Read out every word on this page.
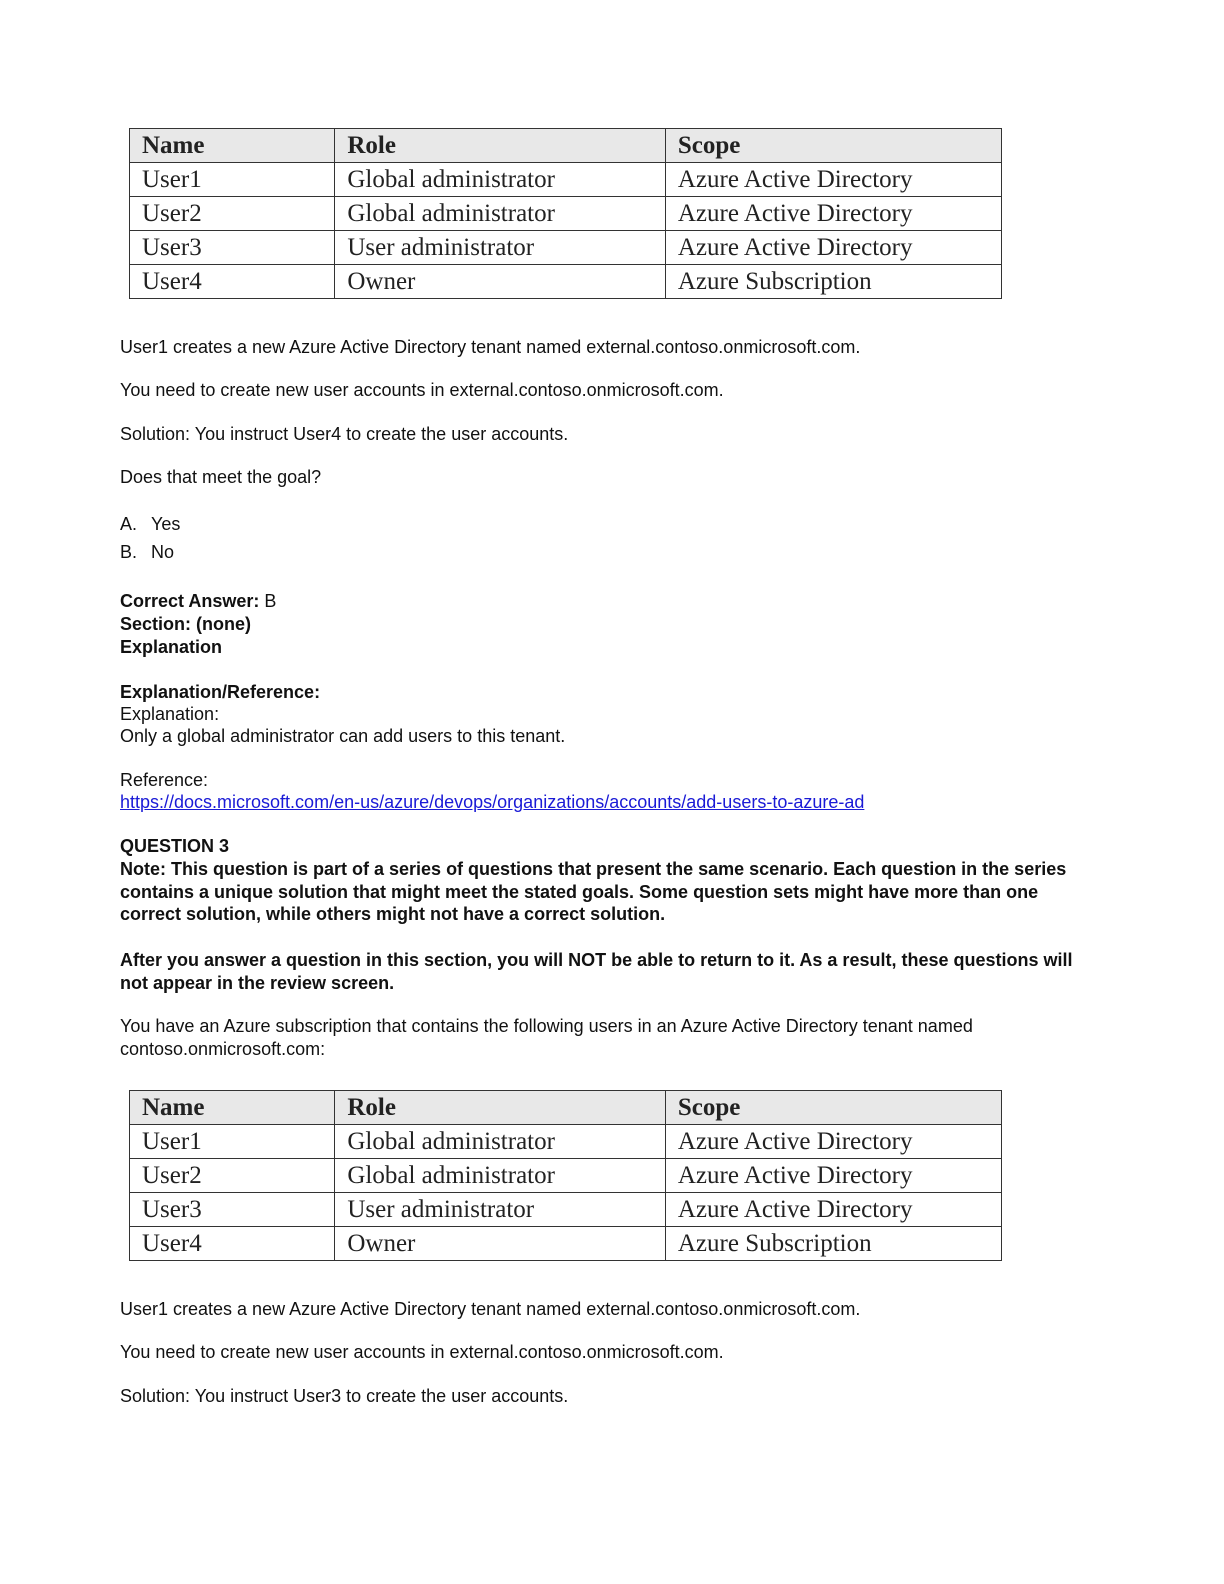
Name	Role	Scope
User1	Global administrator	Azure Active Directory
User2	Global administrator	Azure Active Directory
User3	User administrator	Azure Active Directory
User4	Owner	Azure Subscription

User1 creates a new Azure Active Directory tenant named external.contoso.onmicrosoft.com.

You need to create new user accounts in external.contoso.onmicrosoft.com.

Solution: You instruct User4 to create the user accounts.

Does that meet the goal?

A. Yes

B. No

Correct Answer: B

Section: (none)

Explanation

Explanation/Reference:

Explanation:

Only a global administrator can add users to this tenant.

Reference:

https://docs.microsoft.com/en-us/azure/devops/organizations/accounts/add-users-to-azure-ad

QUESTION 3

Note: This question is part of a series of questions that present the same scenario. Each question in the series contains a unique solution that might meet the stated goals. Some question sets might have more than one correct solution, while others might not have a correct solution.

After you answer a question in this section, you will NOT be able to return to it. As a result, these questions will not appear in the review screen.

You have an Azure subscription that contains the following users in an Azure Active Directory tenant named contoso.onmicrosoft.com:

Name	Role	Scope
User1	Global administrator	Azure Active Directory
User2	Global administrator	Azure Active Directory
User3	User administrator	Azure Active Directory
User4	Owner	Azure Subscription

User1 creates a new Azure Active Directory tenant named external.contoso.onmicrosoft.com.

You need to create new user accounts in external.contoso.onmicrosoft.com.

Solution: You instruct User3 to create the user accounts.
